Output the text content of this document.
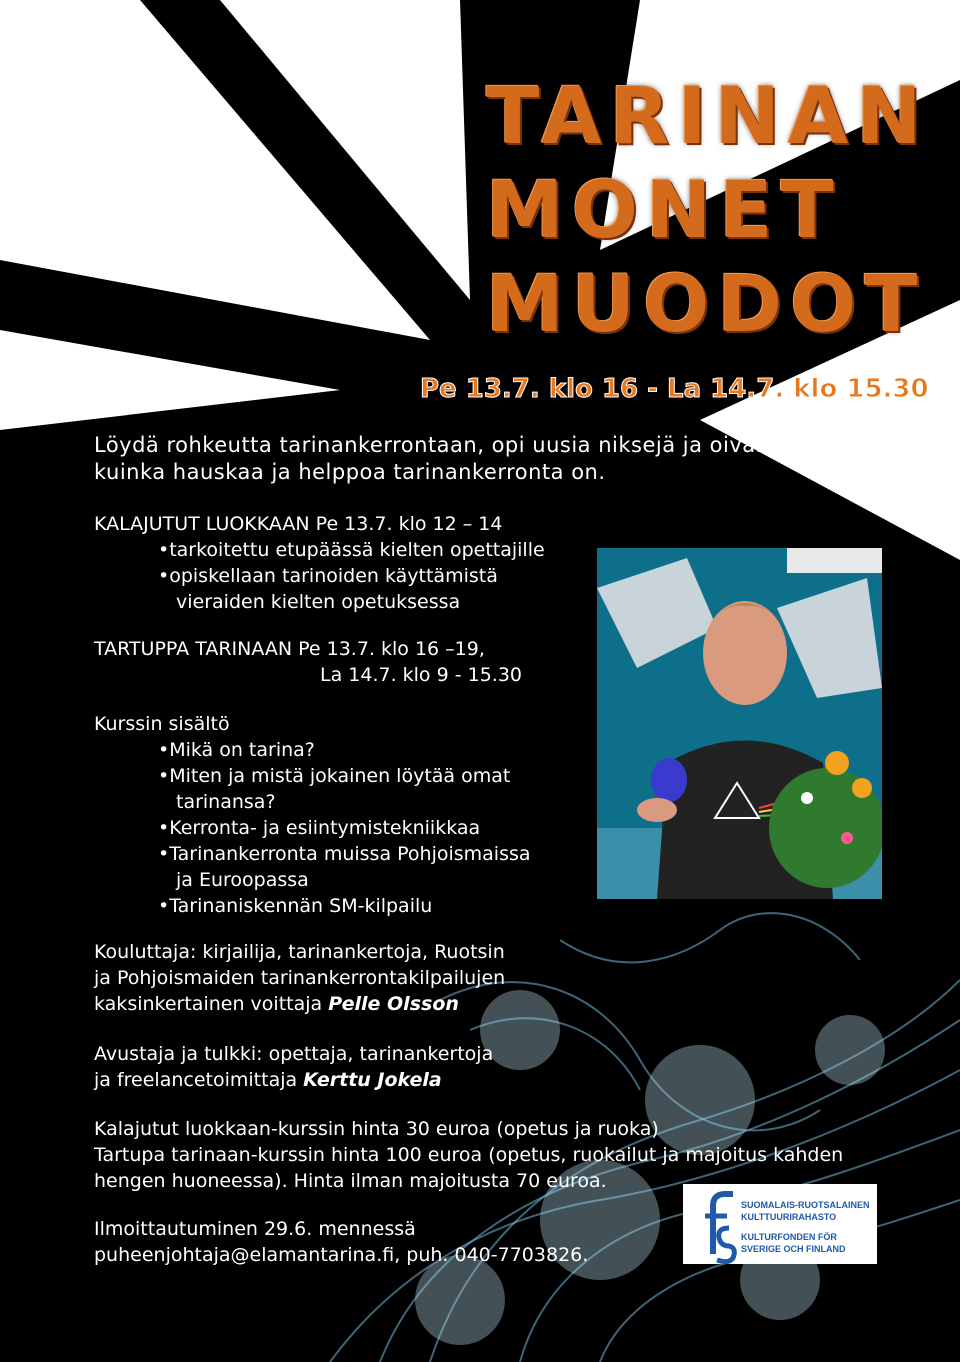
TARINAN
MONET
MUODOT
Pe 13.7. klo 16 - La 14.7. klo 15.30
Löydä rohkeutta tarinankerrontaan, opi uusia niksejä ja oivalla,
kuinka hauskaa ja helppoa tarinankerronta on.
KALAJUTUT LUOKKAAN Pe 13.7. klo 12 – 14
•tarkoitettu etupäässä kielten opettajille
•opiskellaan tarinoiden käyttämistä
vieraiden kielten opetuksessa
TARTUPPA TARINAAN Pe 13.7. klo 16 –19,
La 14.7. klo 9 - 15.30
Kurssin sisältö
•Mikä on tarina?
•Miten ja mistä jokainen löytää omat
tarinansa?
•Kerronta- ja esiintymistekniikkaa
•Tarinankerronta muissa Pohjoismaissa
ja Euroopassa
•Tarinaniskennän SM-kilpailu
Kouluttaja: kirjailija, tarinankertoja, Ruotsin
ja Pohjoismaiden tarinankerrontakilpailujen
kaksinkertainen voittaja Pelle Olsson
Avustaja ja tulkki: opettaja, tarinankertoja
ja freelancetoimittaja Kerttu Jokela
Kalajutut luokkaan-kurssin hinta 30 euroa (opetus ja ruoka)
Tartupa tarinaan-kurssin hinta 100 euroa (opetus, ruokailut ja majoitus kahden
hengen huoneessa). Hinta ilman majoitusta 70 euroa.
Ilmoittautuminen 29.6. mennessä
puheenjohtaja@elamantarina.fi, puh. 040-7703826.
SUOMALAIS-RUOTSALAINEN
KULTTUURIRAHASTO
KULTURFONDEN FÖR
SVERIGE OCH FINLAND
